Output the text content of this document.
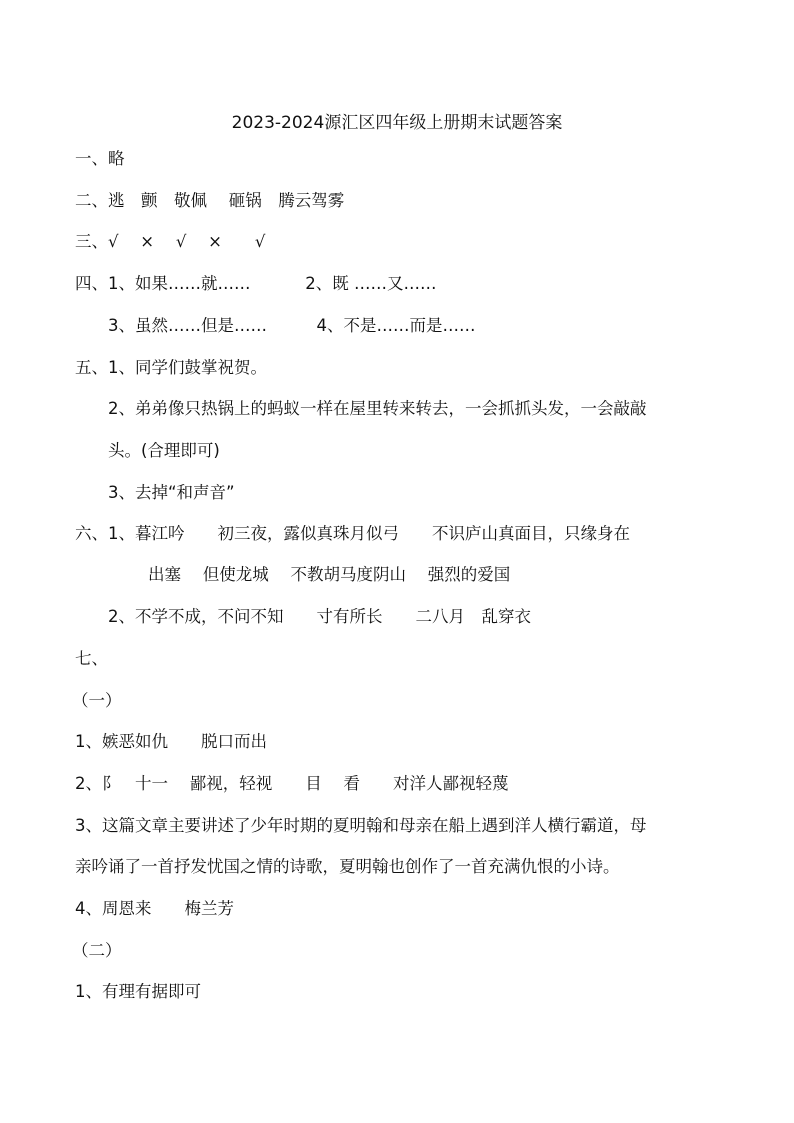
2023-2024源汇区四年级上册期末试题答案
一、略
二、逃　颤　敬佩　 砸锅　腾云驾雾
三、√　 ×　 √　 ×　　√
四、1、如果……就……　　　 2、既 ……又……
3、虽然……但是……　　　4、不是……而是……
五、1、同学们鼓掌祝贺。
2、弟弟像只热锅上的蚂蚁一样在屋里转来转去，一会抓抓头发，一会敲敲
头。(合理即可)
3、去掉“和声音”
六、1、暮江吟　　初三夜，露似真珠月似弓　　不识庐山真面目，只缘身在
出塞　 但使龙城　 不教胡马度阴山　 强烈的爱国
2、不学不成，不问不知　　寸有所长　　二八月　乱穿衣
七、
（一）
1、嫉恶如仇　　脱口而出
2、阝　十一　 鄙视，轻视　　目　 看　　对洋人鄙视轻蔑
3、这篇文章主要讲述了少年时期的夏明翰和母亲在船上遇到洋人横行霸道，母
亲吟诵了一首抒发忧国之情的诗歌，夏明翰也创作了一首充满仇恨的小诗。
4、周恩来　　梅兰芳
（二）
1、有理有据即可
